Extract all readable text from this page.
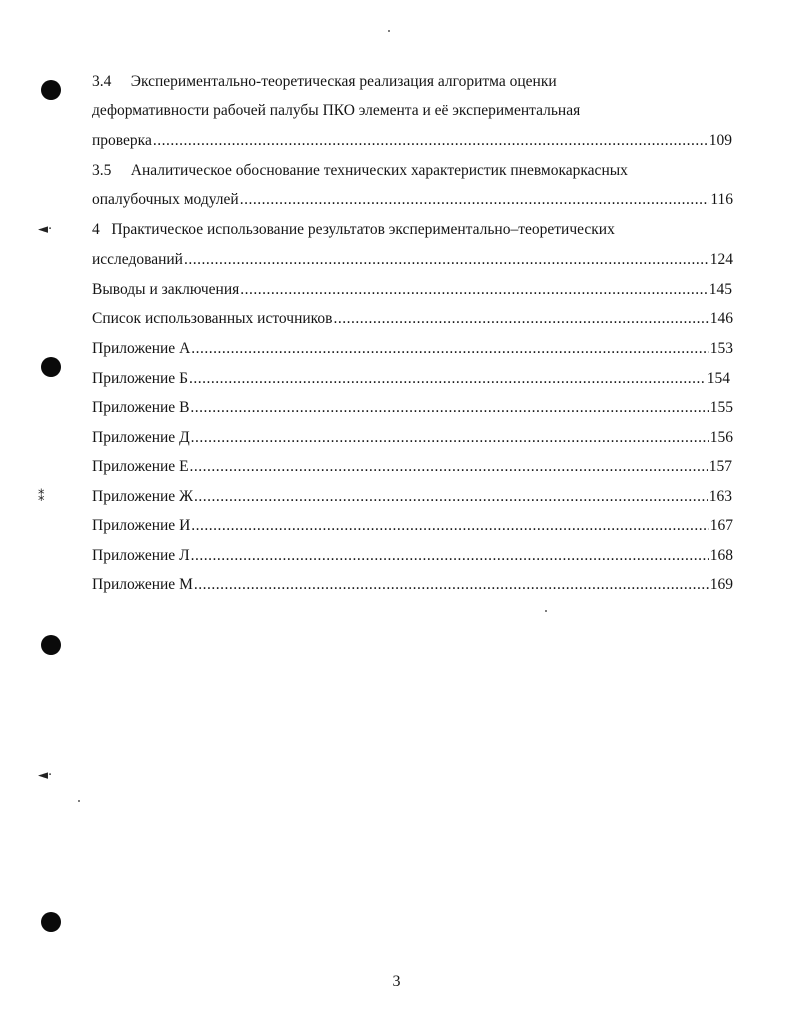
◄·
⁑
◄·
3.4     Экспериментально-теоретическая реализация алгоритма оценки
деформативности рабочей палубы ПКО элемента и её экспериментальная
проверка .....	109
3.5     Аналитическое обоснование технических характеристик пневмокаркасных
опалубочных модулей .....	116
4   Практическое использование результатов экспериментально–теоретических
исследований .....	124
Выводы и заключения .....	145
Список использованных источников .....	146
Приложение А .....	153
Приложение Б .....	154
Приложение В .....	155
Приложение Д .....	156
Приложение Е .....	157
Приложение Ж .....	163
Приложение И .....	167
Приложение Л .....	168
Приложение М .....	169
3
